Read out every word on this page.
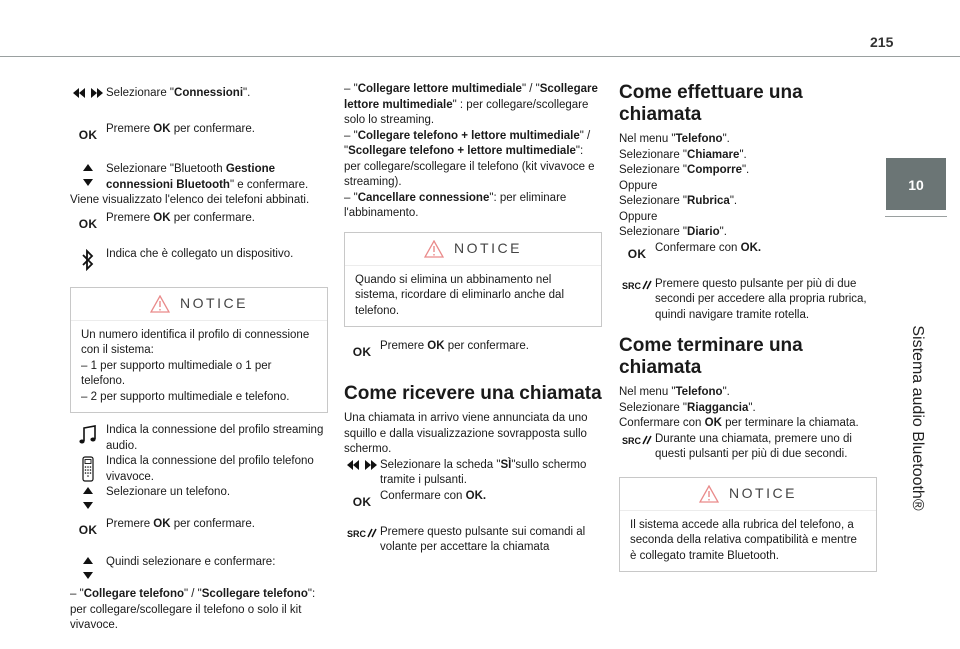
215
10
Sistema audio Bluetooth®
Selezionare "Connessioni".
OK Premere OK per confermare.
Selezionare "Bluetooth Gestione connessioni Bluetooth" e confermare.

Viene visualizzato l'elenco dei telefoni abbinati.

OK Premere OK per confermare.
Indica che è collegato un dispositivo.
NOTICE

Un numero identifica il profilo di connessione con il sistema:

– 1 per supporto multimediale o 1 per telefono.

– 2 per supporto multimediale e telefono.

Indica la connessione del profilo streaming audio.
Indica la connessione del profilo telefono vivavoce.
Selezionare un telefono.
OK Premere OK per confermare.
Quindi selezionare e confermare:

– "Collegare telefono" / "Scollegare telefono": per collegare/scollegare il telefono o solo il kit vivavoce.

– "Collegare lettore multimediale" / "Scollegare lettore multimediale" : per collegare/scollegare solo lo streaming.

– "Collegare telefono + lettore multimediale" / "Scollegare telefono + lettore multimediale": per collegare/scollegare il telefono (kit vivavoce e streaming).

– "Cancellare connessione": per eliminare l'abbinamento.

NOTICE

Quando si elimina un abbinamento nel sistema, ricordare di eliminarlo anche dal telefono.

OK Premere OK per confermare.
Come ricevere una chiamata

Una chiamata in arrivo viene annunciata da uno squillo e dalla visualizzazione sovrapposta sullo schermo.

Selezionare la scheda "SÌ"sullo schermo tramite i pulsanti.
OK Confermare con OK.
SRC Premere questo pulsante sui comandi al volante per accettare la chiamata
Come effettuare una chiamata

Nel menu "Telefono".

Selezionare "Chiamare".

Selezionare "Comporre".

Oppure

Selezionare "Rubrica".

Oppure

Selezionare "Diario".

OK Confermare con OK.
SRC Premere questo pulsante per più di due secondi per accedere alla propria rubrica, quindi navigare tramite rotella.
Come terminare una chiamata

Nel menu "Telefono".

Selezionare "Riaggancia".

Confermare con OK per terminare la chiamata.

SRC Durante una chiamata, premere uno di questi pulsanti per più di due secondi.
NOTICE

Il sistema accede alla rubrica del telefono, a seconda della relativa compatibilità e mentre è collegato tramite Bluetooth.
